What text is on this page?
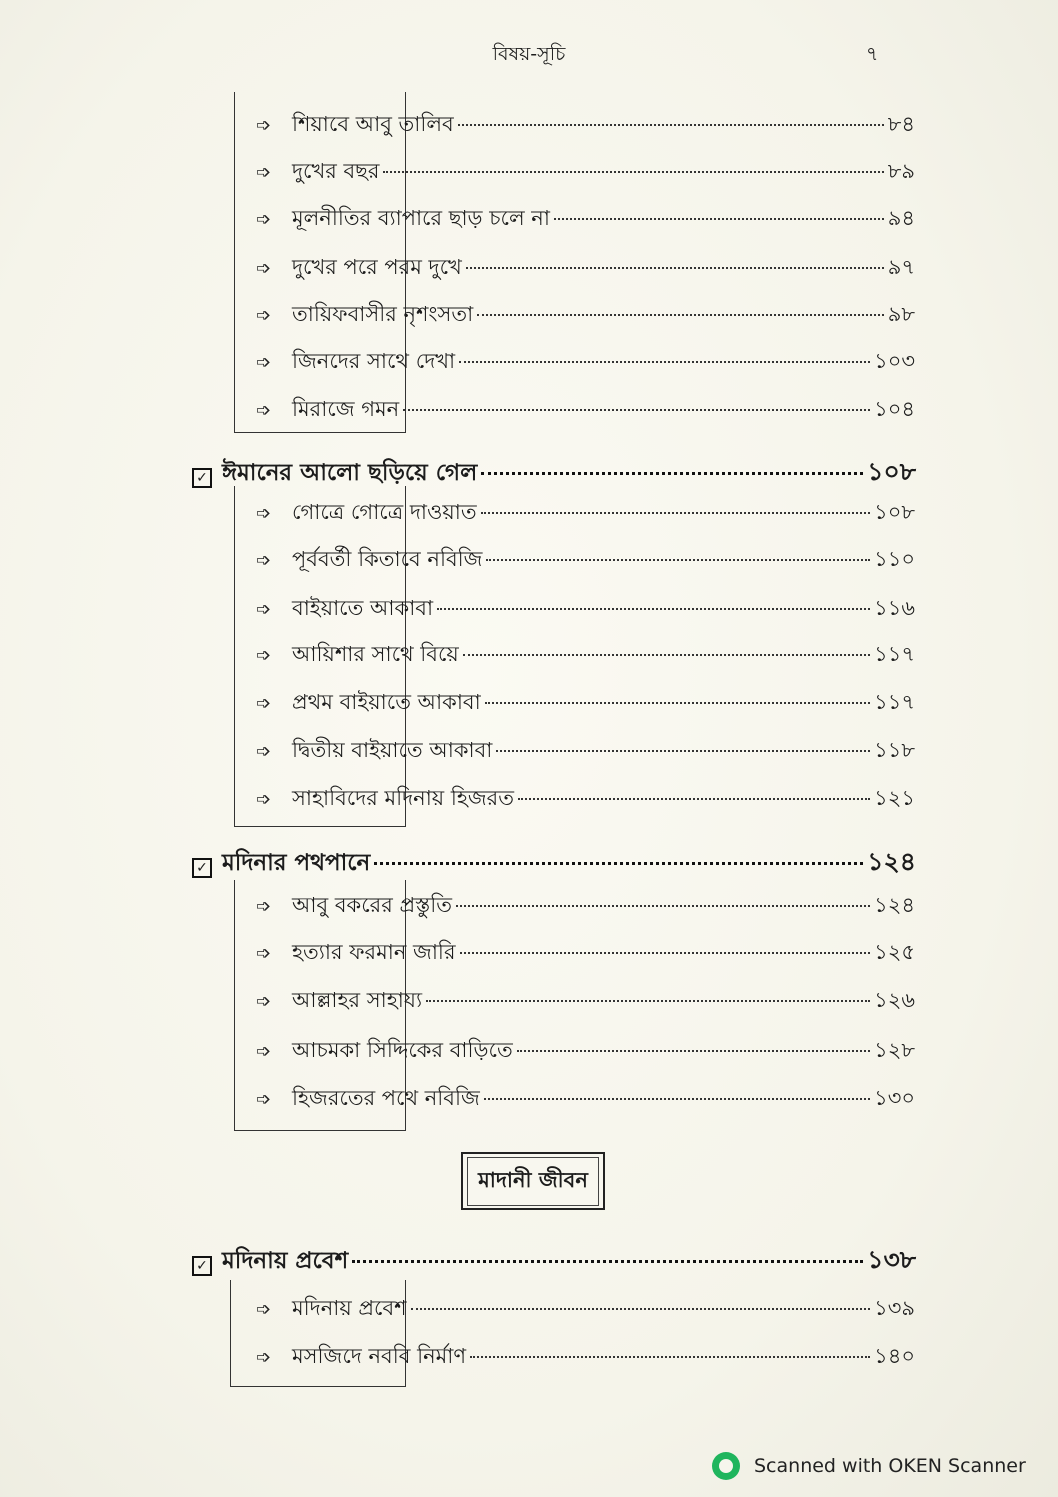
বিষয়-সূচি	৭
➩ শিয়াবে আবু তালিব	৮৪
➩ দুখের বছর	৮৯
➩ মূলনীতির ব্যাপারে ছাড় চলে না	৯৪
➩ দুখের পরে পরম দুখে	৯৭
➩ তায়িফবাসীর নৃশংসতা	৯৮
➩ জিনদের সাথে দেখা	১০৩
➩ মিরাজে গমন	১০৪
✓ ঈমানের আলো ছড়িয়ে গেল	১০৮
➩ গোত্রে গোত্রে দাওয়াত	১০৮
➩ পূর্ববর্তী কিতাবে নবিজি	১১০
➩ বাইয়াতে আকাবা	১১৬
➩ আয়িশার সাথে বিয়ে	১১৭
➩ প্রথম বাইয়াতে আকাবা	১১৭
➩ দ্বিতীয় বাইয়াতে আকাবা	১১৮
➩ সাহাবিদের মদিনায় হিজরত	১২১
✓ মদিনার পথপানে	১২৪
➩ আবু বকরের প্রস্তুতি	১২৪
➩ হত্যার ফরমান জারি	১২৫
➩ আল্লাহর সাহায্য	১২৬
➩ আচমকা সিদ্দিকের বাড়িতে	১২৮
➩ হিজরতের পথে নবিজি	১৩০
মাদানী জীবন
✓ মদিনায় প্রবেশ	১৩৮
➩ মদিনায় প্রবেশ	১৩৯
➩ মসজিদে নববি নির্মাণ	১৪০
Scanned with OKEN Scanner
